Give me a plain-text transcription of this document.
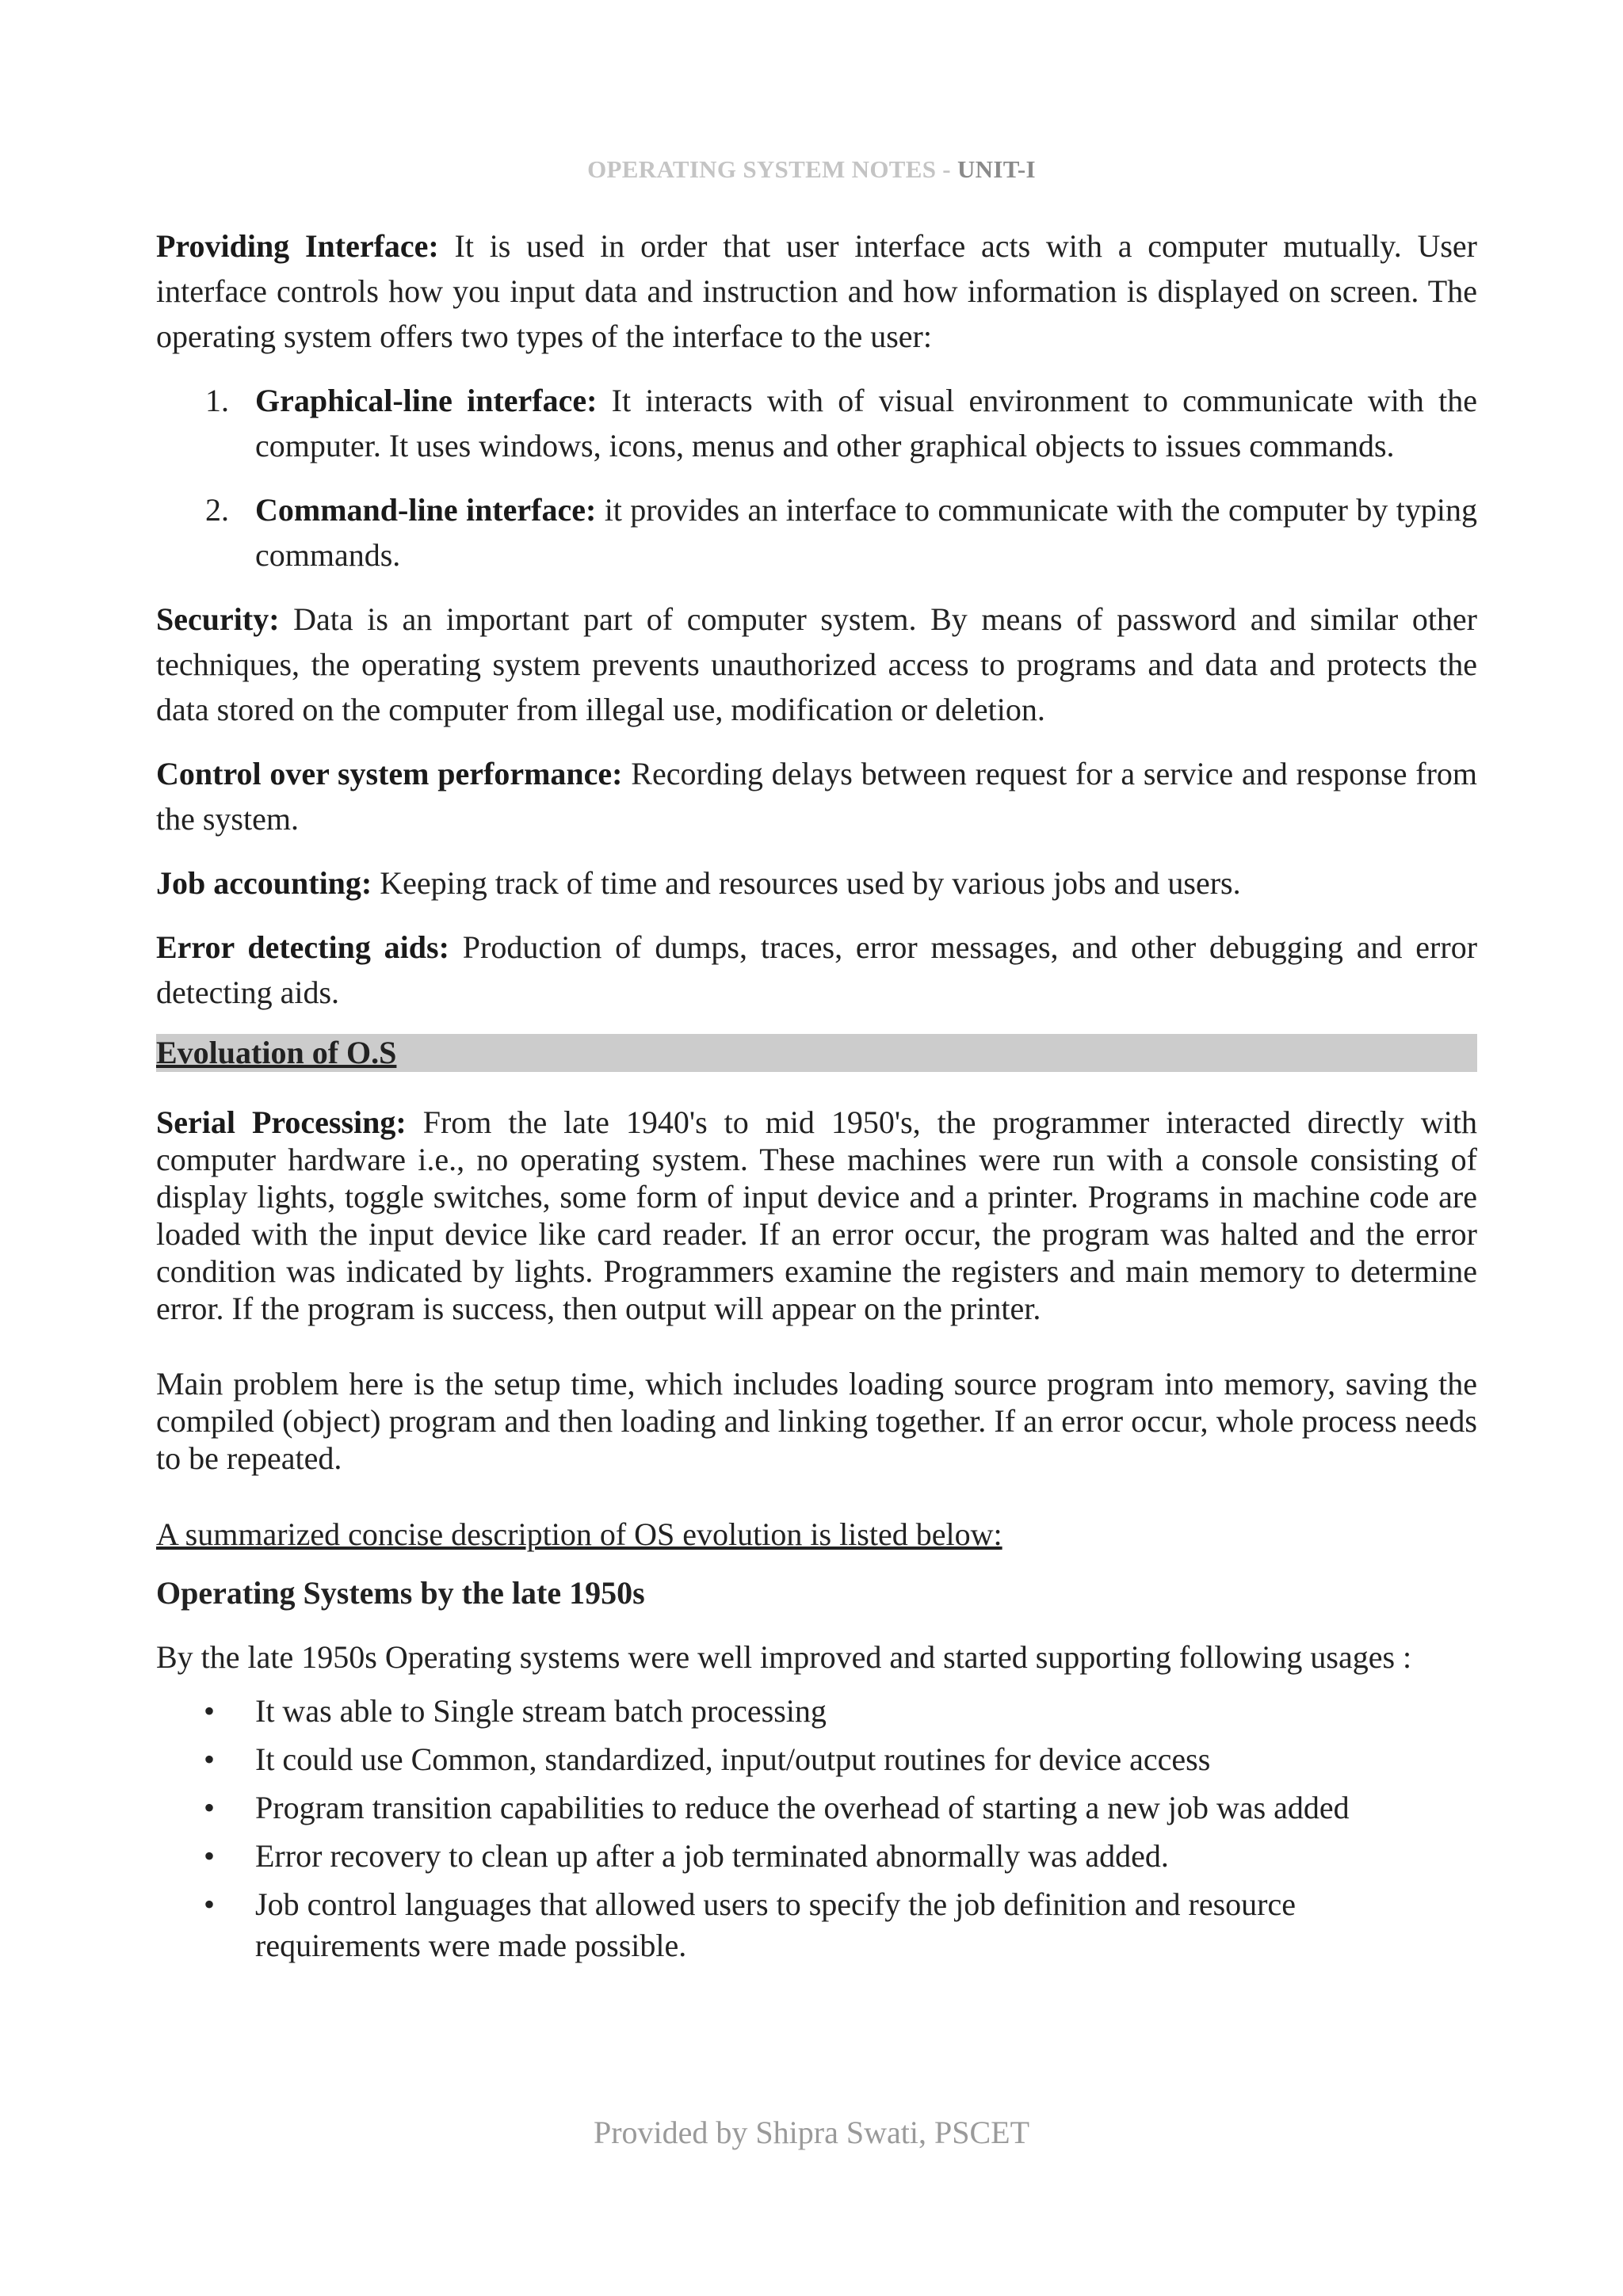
OPERATING SYSTEM NOTES - UNIT-I

Providing Interface: It is used in order that user interface acts with a computer mutually. User interface controls how you input data and instruction and how information is displayed on screen. The operating system offers two types of the interface to the user:

1. Graphical-line interface: It interacts with of visual environment to communicate with the computer. It uses windows, icons, menus and other graphical objects to issues commands.
2. Command-line interface: it provides an interface to communicate with the computer by typing commands.

Security: Data is an important part of computer system. By means of password and similar other techniques, the operating system prevents unauthorized access to programs and data and protects the data stored on the computer from illegal use, modification or deletion.

Control over system performance: Recording delays between request for a service and response from the system.

Job accounting: Keeping track of time and resources used by various jobs and users.

Error detecting aids: Production of dumps, traces, error messages, and other debugging and error detecting aids.

Evoluation of O.S

Serial Processing: From the late 1940's to mid 1950's, the programmer interacted directly with computer hardware i.e., no operating system. These machines were run with a console consisting of display lights, toggle switches, some form of input device and a printer. Programs in machine code are loaded with the input device like card reader. If an error occur, the program was halted and the error condition was indicated by lights. Programmers examine the registers and main memory to determine error. If the program is success, then output will appear on the printer.

Main problem here is the setup time, which includes loading source program into memory, saving the compiled (object) program and then loading and linking together. If an error occur, whole process needs to be repeated.

A summarized concise description of OS evolution is listed below:

Operating Systems by the late 1950s

By the late 1950s Operating systems were well improved and started supporting following usages :

• It was able to Single stream batch processing
• It could use Common, standardized, input/output routines for device access
• Program transition capabilities to reduce the overhead of starting a new job was added
• Error recovery to clean up after a job terminated abnormally was added.
• Job control languages that allowed users to specify the job definition and resource requirements were made possible.
Provided by Shipra Swati, PSCET
